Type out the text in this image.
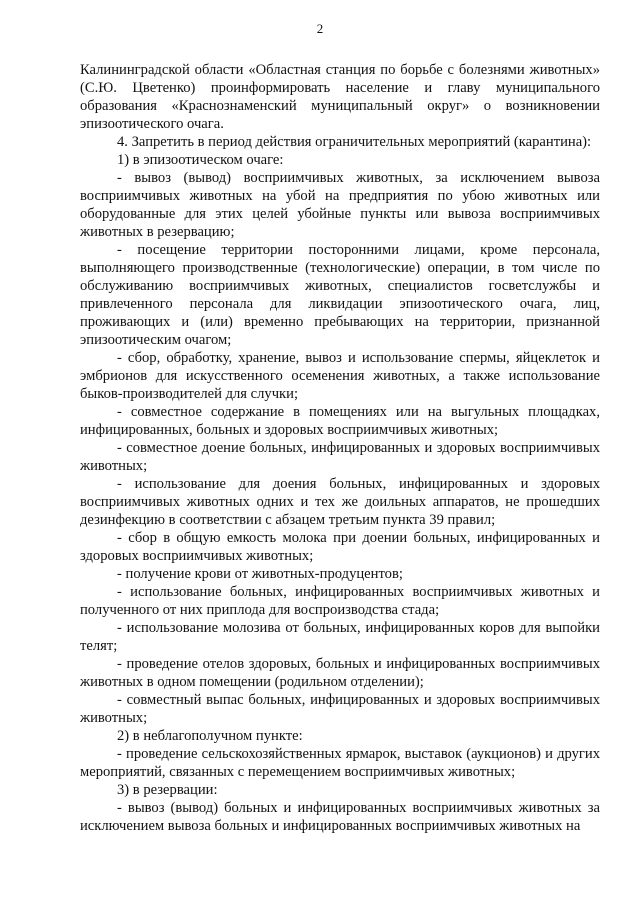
2

Калининградской области «Областная станция по борьбе с болезнями животных» (С.Ю. Цветенко) проинформировать население и главу муниципального образования «Краснознаменский муниципальный округ» о возникновении эпизоотического очага.

4. Запретить в период действия ограничительных мероприятий (карантина):

1) в эпизоотическом очаге:

- вывоз (вывод) восприимчивых животных, за исключением вывоза восприимчивых животных на убой на предприятия по убою животных или оборудованные для этих целей убойные пункты или вывоза восприимчивых животных в резервацию;

- посещение территории посторонними лицами, кроме персонала, выполняющего производственные (технологические) операции, в том числе по обслуживанию восприимчивых животных, специалистов госветслужбы и привлеченного персонала для ликвидации эпизоотического очага, лиц, проживающих и (или) временно пребывающих на территории, признанной эпизоотическим очагом;

- сбор, обработку, хранение, вывоз и использование спермы, яйцеклеток и эмбрионов для искусственного осеменения животных, а также использование быков-производителей для случки;

- совместное содержание в помещениях или на выгульных площадках, инфицированных, больных и здоровых восприимчивых животных;

- совместное доение больных, инфицированных и здоровых восприимчивых животных;

- использование для доения больных, инфицированных и здоровых восприимчивых животных одних и тех же доильных аппаратов, не прошедших дезинфекцию в соответствии с абзацем третьим пункта 39 правил;

- сбор в общую емкость молока при доении больных, инфицированных и здоровых восприимчивых животных;

- получение крови от животных-продуцентов;

- использование больных, инфицированных восприимчивых животных и полученного от них приплода для воспроизводства стада;

- использование молозива от больных, инфицированных коров для выпойки телят;

- проведение отелов здоровых, больных и инфицированных восприимчивых животных в одном помещении (родильном отделении);

- совместный выпас больных, инфицированных и здоровых восприимчивых животных;

2) в неблагополучном пункте:

- проведение сельскохозяйственных ярмарок, выставок (аукционов) и других мероприятий, связанных с перемещением восприимчивых животных;

3) в резервации:

- вывоз (вывод) больных и инфицированных восприимчивых животных за исключением вывоза больных и инфицированных восприимчивых животных на
